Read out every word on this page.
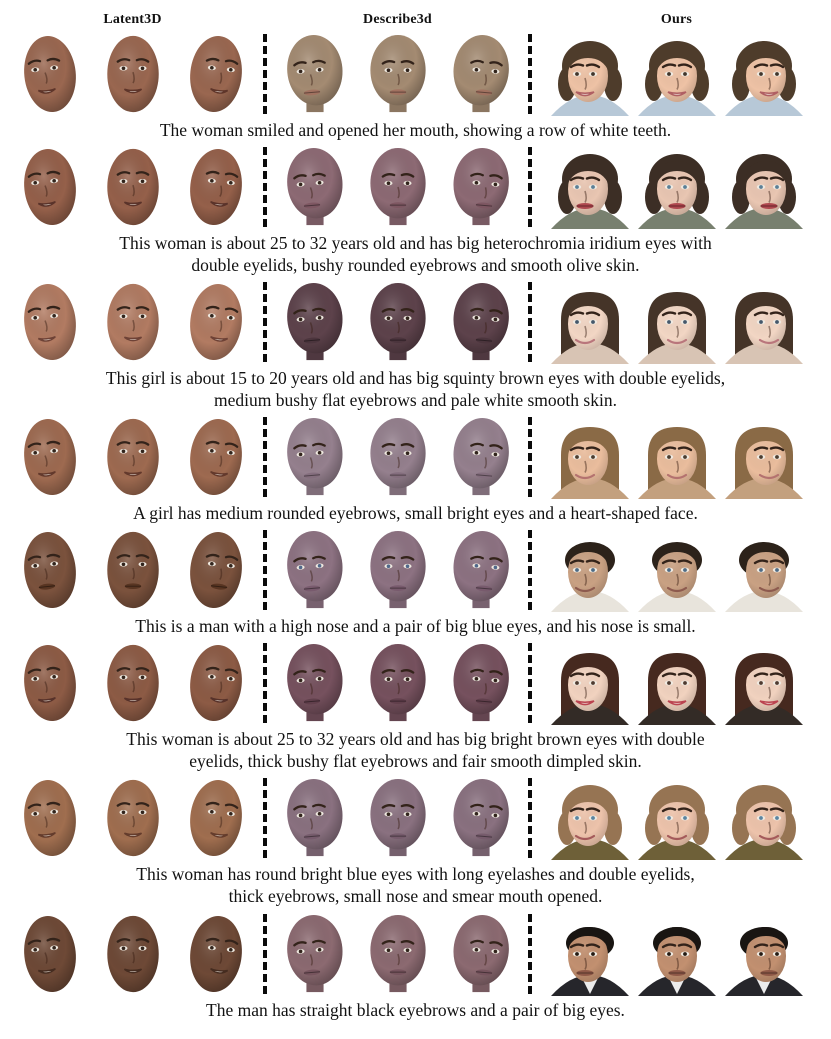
Latent3D	Describe3d	Ours
The woman smiled and opened her mouth, showing a row of white teeth.
This woman is about 25 to 32 years old and has big heterochromia iridium eyes with
double eyelids, bushy rounded eyebrows and smooth olive skin.
This girl is about 15 to 20 years old and has big squinty brown eyes with double eyelids,
medium bushy flat eyebrows and pale white smooth skin.
A girl has medium rounded eyebrows, small bright eyes and a heart-shaped face.
This is a man with a high nose and a pair of big blue eyes, and his nose is small.
This woman is about 25 to 32 years old and has big bright brown eyes with double
eyelids, thick bushy flat eyebrows and fair smooth dimpled skin.
This woman has round bright blue eyes with long eyelashes and double eyelids,
thick eyebrows, small nose and smear mouth opened.
The man has straight black eyebrows and a pair of big eyes.
